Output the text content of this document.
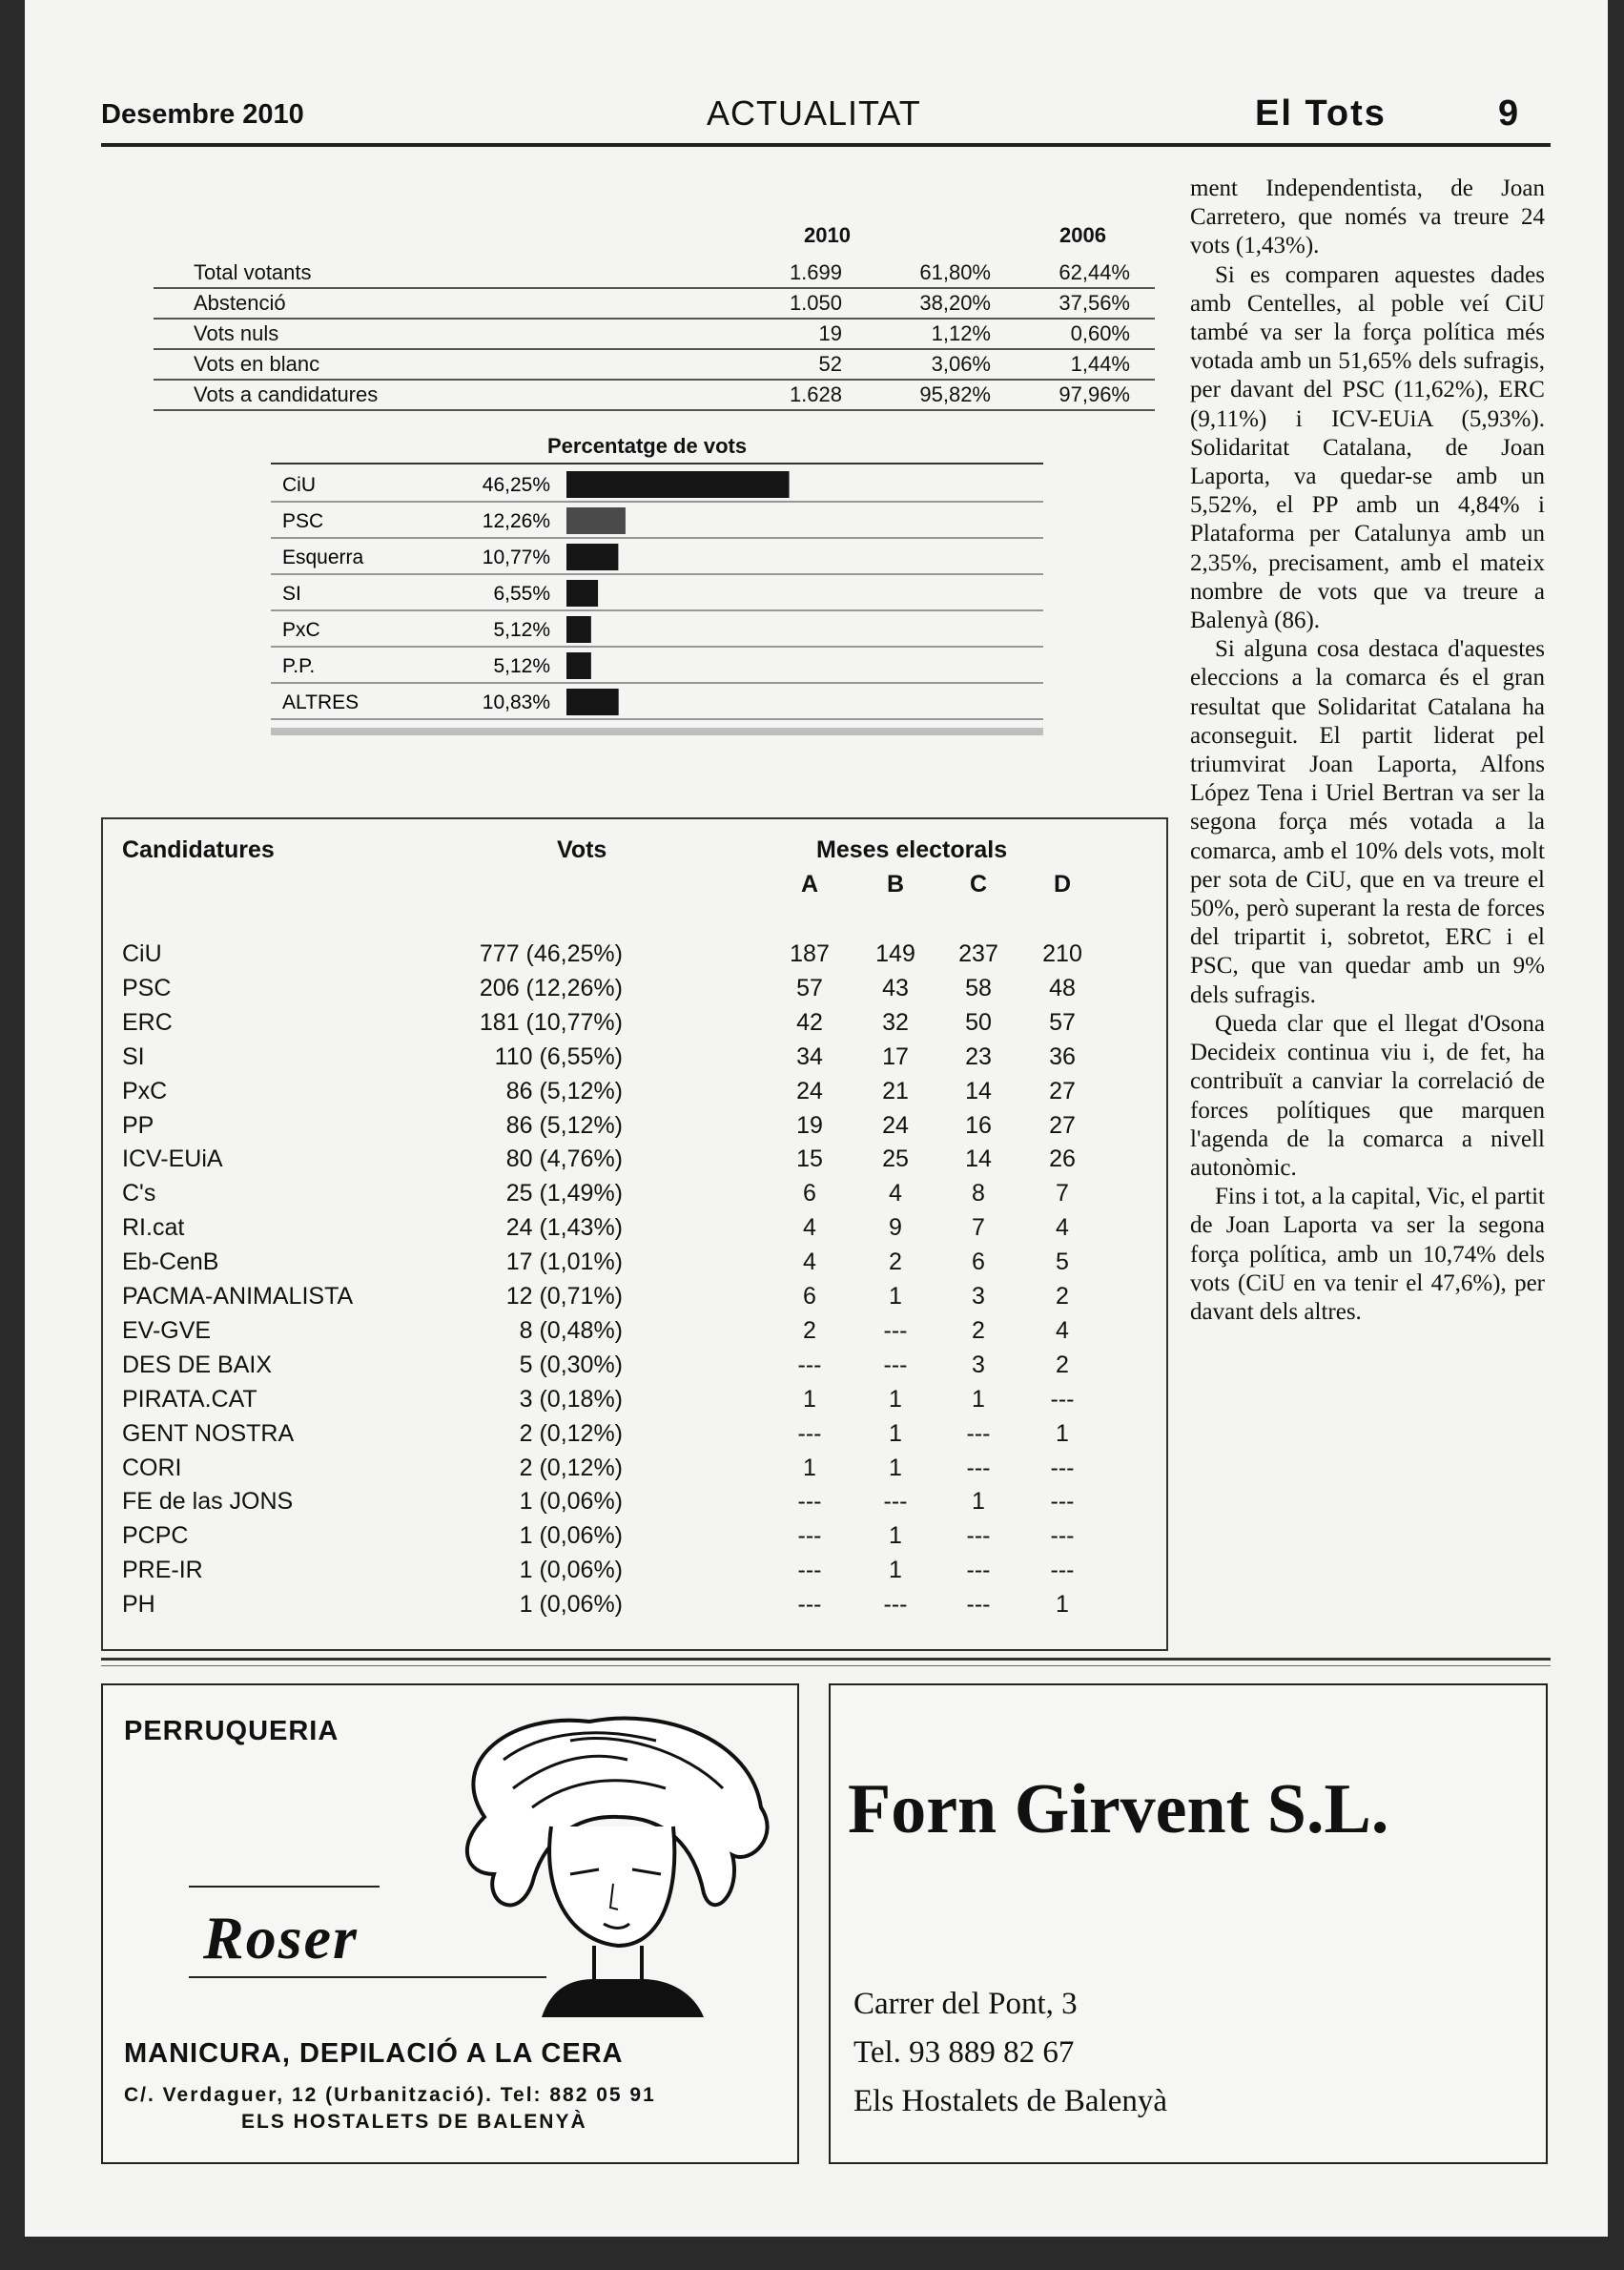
Desembre 2010	ACTUALITAT	El Tots	9
2010	2006
Total votants	1.699	61,80%	62,44%
Abstenció	1.050	38,20%	37,56%
Vots nuls	19	1,12%	0,60%
Vots en blanc	52	3,06%	1,44%
Vots a candidatures	1.628	95,82%	97,96%
Percentatge de vots
CiU	46,25%
PSC	12,26%
Esquerra	10,77%
SI	6,55%
PxC	5,12%
P.P.	5,12%
ALTRES	10,83%
Candidatures	Vots	Meses electorals
A	B	C	D
CiU	777 (46,25%)	187 149 237 210
PSC	206 (12,26%)	57 43 58 48
ERC	181 (10,77%)	42 32 50 57
SI	110 (6,55%)	34 17 23 36
PxC	86 (5,12%)	24 21 14 27
PP	86 (5,12%)	19 24 16 27
ICV-EUiA	80 (4,76%)	15 25 14 26
C's	25 (1,49%)	6	4	8	7
RI.cat	24 (1,43%)	4	9	7	4
Eb-CenB	17 (1,01%)	4	2	6	5
PACMA-ANIMALISTA	12 (0,71%)	6	1	3	2
EV-GVE	8 (0,48%)	2	---	2	4
DES DE BAIX	5 (0,30%)	---	---	3	2
PIRATA.CAT	3 (0,18%)	1	1	1	---
GENT NOSTRA	2 (0,12%)	---	1	---	1
CORI	2 (0,12%)	1	1	---	---
FE de las JONS	1 (0,06%)	---	---	1	---
PCPC	1 (0,06%)	---	1	---	---
PRE-IR	1 (0,06%)	---	1	---	---
PH	1 (0,06%)	---	---	---	1

ment Independentista, de Joan Carretero, que només va treure 24 vots (1,43%).

Si es comparen aquestes dades amb Centelles, al poble veí CiU també va ser la força política més votada amb un 51,65% dels sufragis, per davant del PSC (11,62%), ERC (9,11%) i ICV-EUiA (5,93%). Solidaritat Catalana, de Joan Laporta, va quedar-se amb un 5,52%, el PP amb un 4,84% i Plataforma per Catalunya amb un 2,35%, precisament, amb el mateix nombre de vots que va treure a Balenyà (86).

Si alguna cosa destaca d'aquestes eleccions a la comarca és el gran resultat que Solidaritat Catalana ha aconseguit. El partit liderat pel triumvirat Joan Laporta, Alfons López Tena i Uriel Bertran va ser la segona força més votada a la comarca, amb el 10% dels vots, molt per sota de CiU, que en va treure el 50%, però superant la resta de forces del tripartit i, sobretot, ERC i el PSC, que van quedar amb un 9% dels sufragis.

Queda clar que el llegat d'Osona Decideix continua viu i, de fet, ha contribuït a canviar la correlació de forces polítiques que marquen l'agenda de la comarca a nivell autonòmic.

Fins i tot, a la capital, Vic, el partit de Joan Laporta va ser la segona força política, amb un 10,74% dels vots (CiU en va tenir el 47,6%), per davant dels altres.

PERRUQUERIA
Roser
MANICURA, DEPILACIÓ A LA CERA
C/. Verdaguer, 12 (Urbanització). Tel: 882 05 91
ELS HOSTALETS DE BALENYÀ
Forn Girvent S.L.
Carrer del Pont, 3
Tel. 93 889 82 67
Els Hostalets de Balenyà
